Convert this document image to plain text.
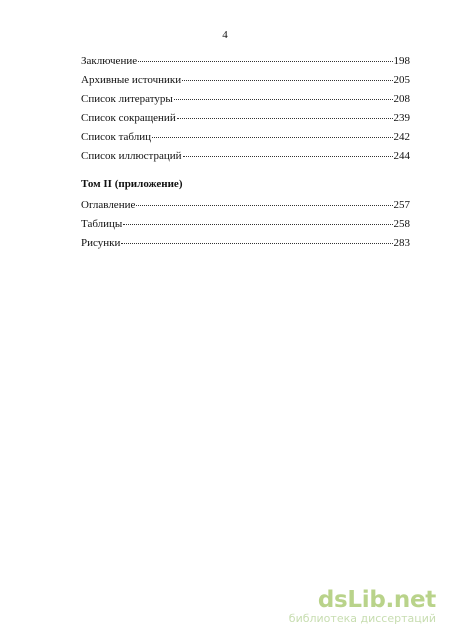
4
Заключение	198
Архивные источники	205
Список литературы	208
Список сокращений	239
Список таблиц	242
Список иллюстраций	244
Том II (приложение)
Оглавление	257
Таблицы	258
Рисунки	283
dsLib.net
библиотека диссертаций
